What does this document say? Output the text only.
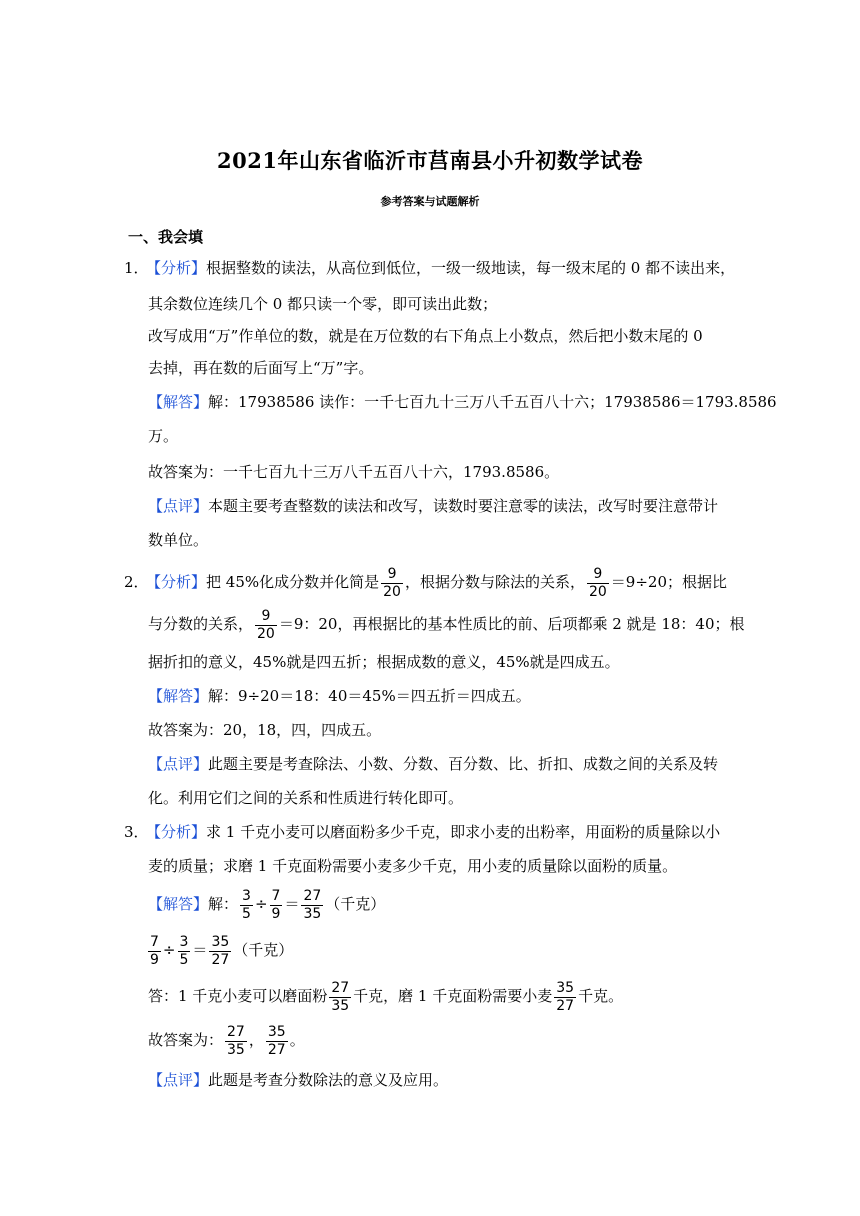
2021年山东省临沂市莒南县小升初数学试卷
参考答案与试题解析
一、我会填
1．【分析】根据整数的读法，从高位到低位，一级一级地读，每一级末尾的 0 都不读出来，
其余数位连续几个 0 都只读一个零，即可读出此数；
改写成用“万”作单位的数，就是在万位数的右下角点上小数点，然后把小数末尾的 0
去掉，再在数的后面写上“万”字。
【解答】解：17938586 读作：一千七百九十三万八千五百八十六；17938586＝1793.8586
万。
故答案为：一千七百九十三万八千五百八十六，1793.8586。
【点评】本题主要考查整数的读法和改写，读数时要注意零的读法，改写时要注意带计
数单位。
2．【分析】把 45%化成分数并化简是 $\frac{9}{20}$ ，根据分数与除法的关系， $\frac{9}{20} =9\div 20$；根据比
与分数的关系， $\frac{9}{20} =9$：20，再根据比的基本性质比的前、后项都乘 2 就是 18：40；根
据折扣的意义，45%就是四五折；根据成数的意义，45%就是四成五。
【解答】解：9÷20＝18：40＝45%＝四五折＝四成五。
故答案为：20，18，四，四成五。
【点评】此题主要是考查除法、小数、分数、百分数、比、折扣、成数之间的关系及转
化。利用它们之间的关系和性质进行转化即可。
3．【分析】求 1 千克小麦可以磨面粉多少千克，即求小麦的出粉率，用面粉的质量除以小
麦的质量；求磨 1 千克面粉需要小麦多少千克，用小麦的质量除以面粉的质量。
【解答】解： $\frac{3}{5} \div \frac{7}{9} = \frac{27}{35}$ （千克）
$\frac{7}{9} \div \frac{3}{5} = \frac{35}{27}$ （千克）
答：1 千克小麦可以磨面粉 $\frac{27}{35}$ 千克，磨 1 千克面粉需要小麦 $\frac{35}{27}$ 千克。
故答案为： $\frac{27}{35}$ ， $\frac{35}{27}$ 。
【点评】此题是考查分数除法的意义及应用。
